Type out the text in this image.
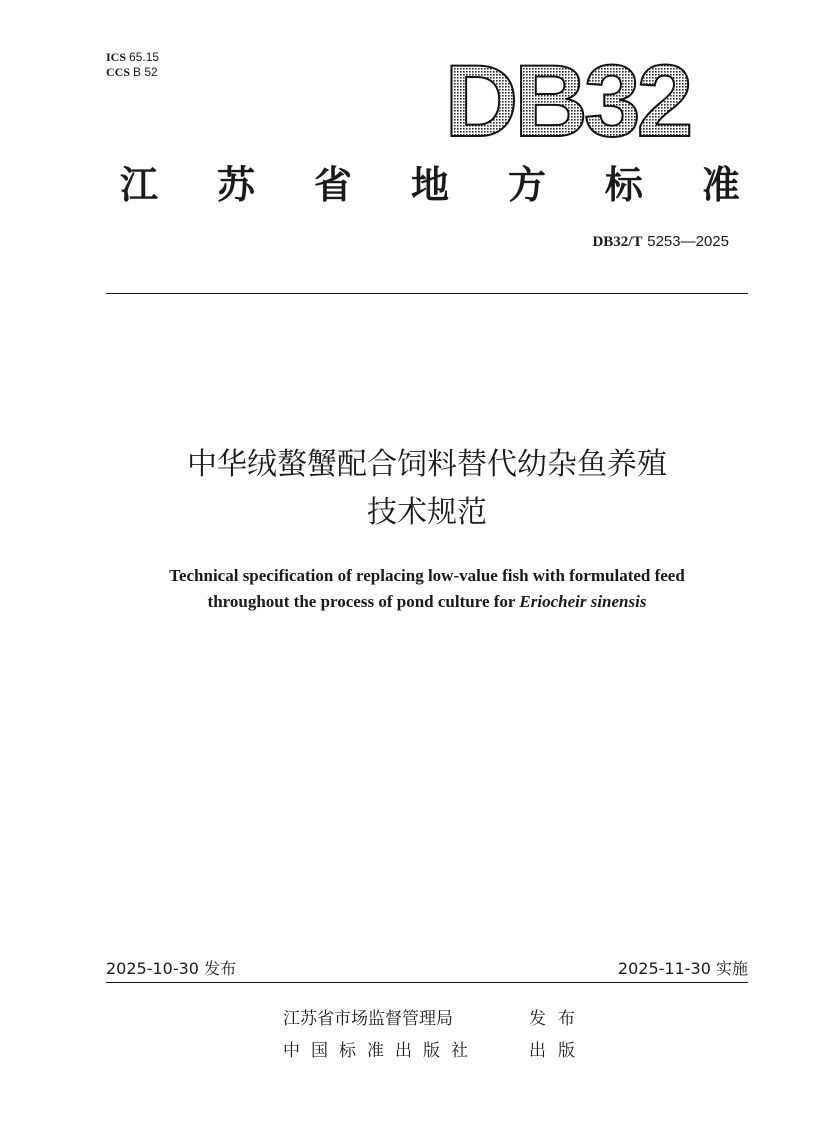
ICS 65.15
CCS B 52	DB32
江 苏 省 地 方 标 准
DB32/T 5253—2025
中华绒螯蟹配合饲料替代幼杂鱼养殖
技术规范
Technical specification of replacing low-value fish with formulated feed
throughout the process of pond culture for Eriocheir sinensis
2025-10-30 发布	2025-11-30 实施
江苏省市场监督管理局	发布
中国标准出版社	出版
